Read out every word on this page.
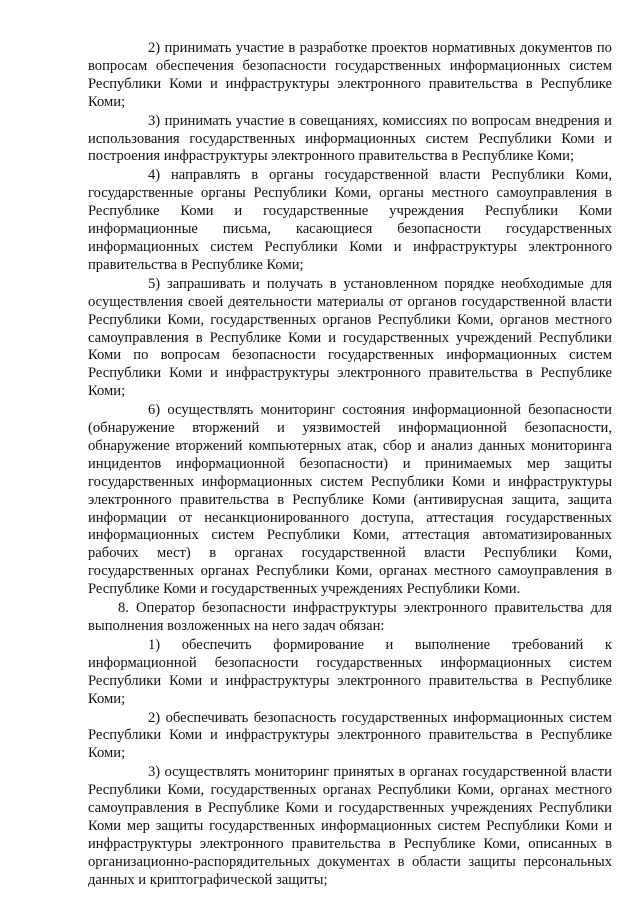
2) принимать участие в разработке проектов нормативных документов по вопросам обеспечения безопасности государственных информационных систем Республики Коми и инфраструктуры электронного правительства в Республике Коми;

3) принимать участие в совещаниях, комиссиях по вопросам внедрения и использования государственных информационных систем Республики Коми и построения инфраструктуры электронного правительства в Республике Коми;

4) направлять в органы государственной власти Республики Коми, государственные органы Республики Коми, органы местного самоуправления в Республике Коми и государственные учреждения Республики Коми информационные письма, касающиеся безопасности государственных информационных систем Республики Коми и инфраструктуры электронного правительства в Республике Коми;

5) запрашивать и получать в установленном порядке необходимые для осуществления своей деятельности материалы от органов государственной власти Республики Коми, государственных органов Республики Коми, органов местного самоуправления в Республике Коми и государственных учреждений Республики Коми по вопросам безопасности государственных информационных систем Республики Коми и инфраструктуры электронного правительства в Республике Коми;

6) осуществлять мониторинг состояния информационной безопасности (обнаружение вторжений и уязвимостей информационной безопасности, обнаружение вторжений компьютерных атак, сбор и анализ данных мониторинга инцидентов информационной безопасности) и принимаемых мер защиты государственных информационных систем Республики Коми и инфраструктуры электронного правительства в Республике Коми (антивирусная защита, защита информации от несанкционированного доступа, аттестация государственных информационных систем Республики Коми, аттестация автоматизированных рабочих мест) в органах государственной власти Республики Коми, государственных органах Республики Коми, органах местного самоуправления в Республике Коми и государственных учреждениях Республики Коми.

8. Оператор безопасности инфраструктуры электронного правительства для выполнения возложенных на него задач обязан:

1) обеспечить формирование и выполнение требований к информационной безопасности государственных информационных систем Республики Коми и инфраструктуры электронного правительства в Республике Коми;

2) обеспечивать безопасность государственных информационных систем Республики Коми и инфраструктуры электронного правительства в Республике Коми;

3) осуществлять мониторинг принятых в органах государственной власти Республики Коми, государственных органах Республики Коми, органах местного самоуправления в Республике Коми и государственных учреждениях Республики Коми мер защиты государственных информационных систем Республики Коми и инфраструктуры электронного правительства в Республике Коми, описанных в организационно-распорядительных документах в области защиты персональных данных и криптографической защиты;
